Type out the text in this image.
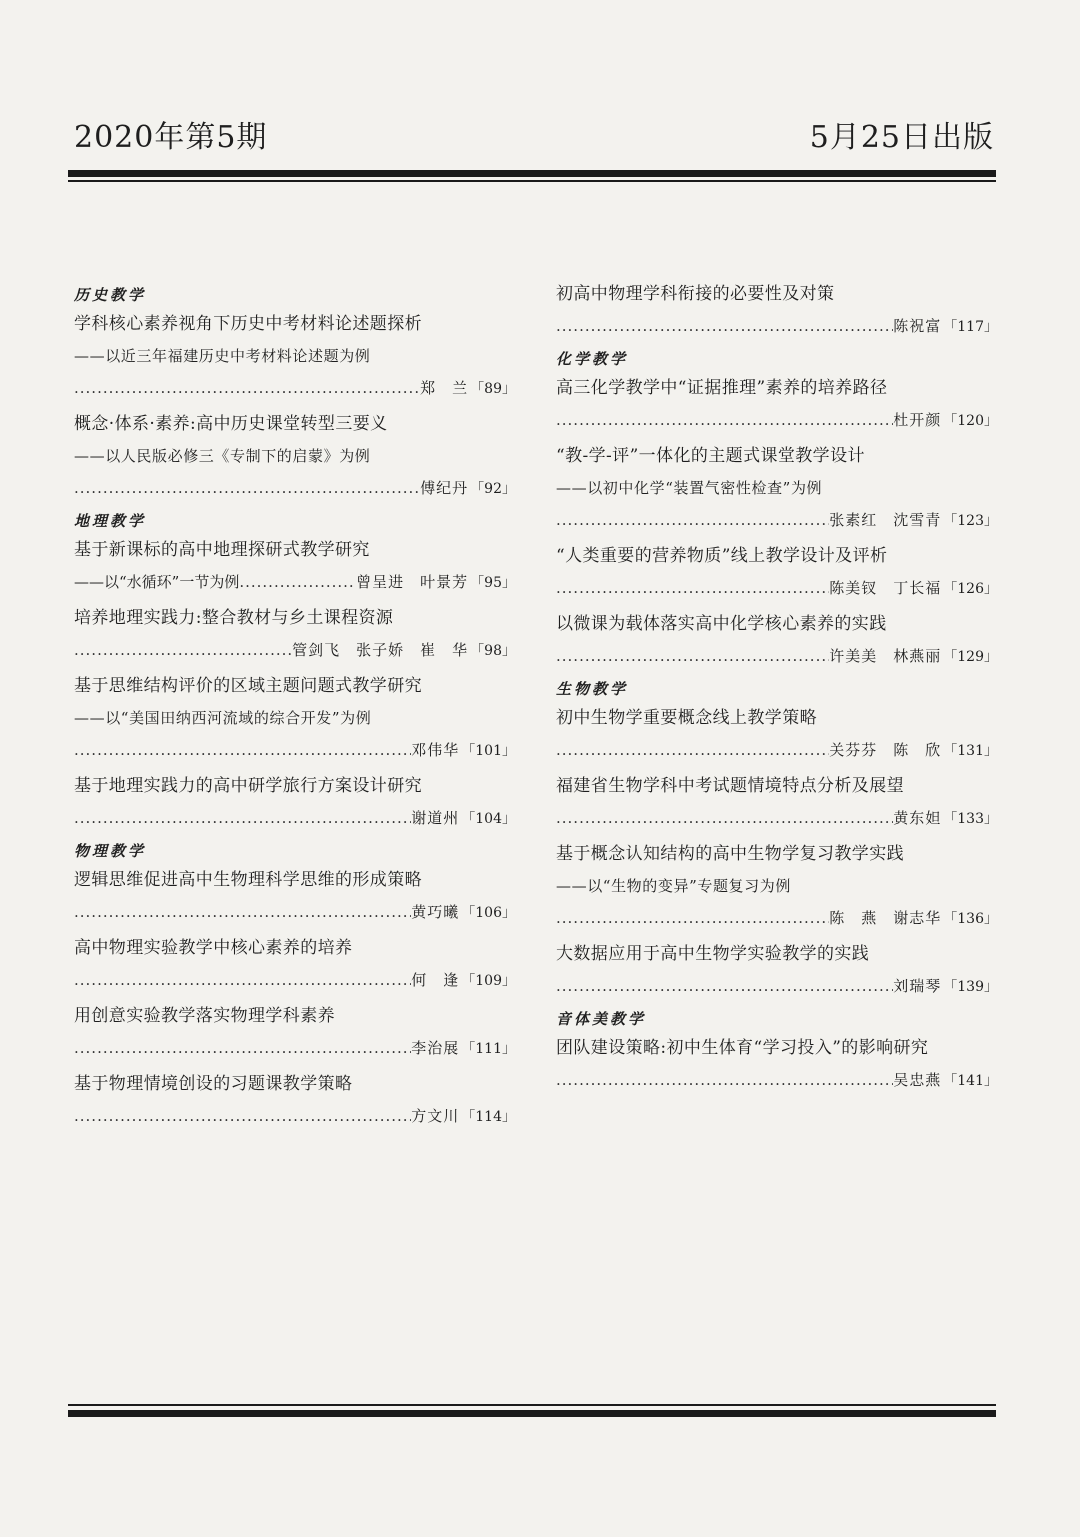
2020年第5期	5月25日出版
历史教学
学科核心素养视角下历史中考材料论述题探析
——以近三年福建历史中考材料论述题为例
.....
郑　兰 「89」
概念·体系·素养:高中历史课堂转型三要义
——以人民版必修三《专制下的启蒙》为例
.....
傅纪丹 「92」
地理教学
基于新课标的高中地理探研式教学研究
——以“水循环”一节为例
.....	曾呈进　叶景芳 「95」
培养地理实践力:整合教材与乡土课程资源
.....
管剑飞　张子娇　崔　华 「98」
基于思维结构评价的区域主题问题式教学研究
——以“美国田纳西河流域的综合开发”为例
.....
邓伟华 「101」
基于地理实践力的高中研学旅行方案设计研究
.....
谢道州 「104」
物理教学
逻辑思维促进高中生物理科学思维的形成策略
.....
黄巧曦 「106」
高中物理实验教学中核心素养的培养
.....
何　逢 「109」
用创意实验教学落实物理学科素养
.....
李治展 「111」
基于物理情境创设的习题课教学策略
.....
方文川 「114」
初高中物理学科衔接的必要性及对策
.....
陈祝富 「117」
化学教学
高三化学教学中“证据推理”素养的培养路径
.....
杜开颜 「120」
“教-学-评”一体化的主题式课堂教学设计
——以初中化学“装置气密性检查”为例
.....
张素红　沈雪青 「123」
“人类重要的营养物质”线上教学设计及评析
.....
陈美钗　丁长福 「126」
以微课为载体落实高中化学核心素养的实践
.....
许美美　林燕丽 「129」
生物教学
初中生物学重要概念线上教学策略
.....
关芬芬　陈　欣 「131」
福建省生物学科中考试题情境特点分析及展望
.....
黄东妲 「133」
基于概念认知结构的高中生物学复习教学实践
——以“生物的变异”专题复习为例
.....
陈　燕　谢志华 「136」
大数据应用于高中生物学实验教学的实践
.....
刘瑞琴 「139」
音体美教学
团队建设策略:初中生体育“学习投入”的影响研究
.....
吴忠燕 「141」
